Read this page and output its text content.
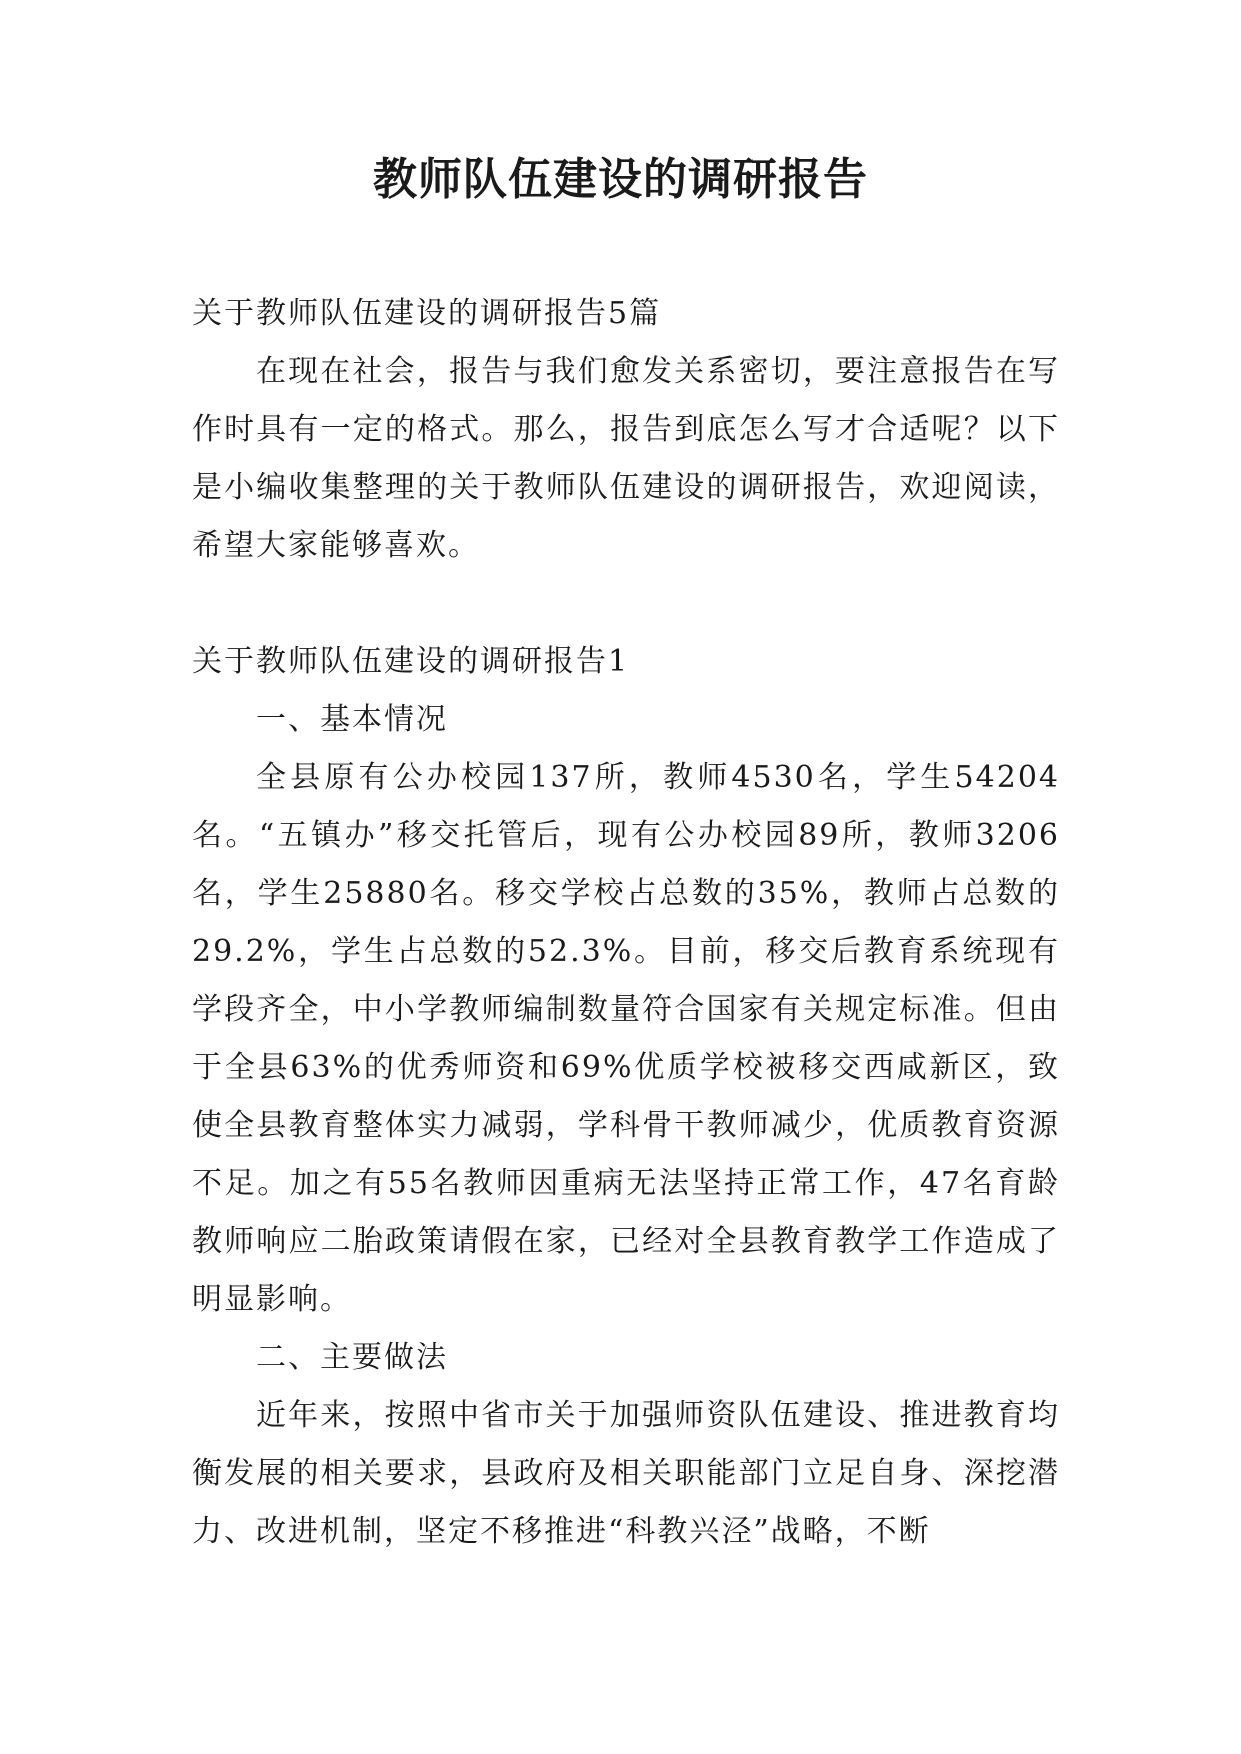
教师队伍建设的调研报告

关于教师队伍建设的调研报告5篇

在现在社会，报告与我们愈发关系密切，要注意报告在写作时具有一定的格式。那么，报告到底怎么写才合适呢？以下是小编收集整理的关于教师队伍建设的调研报告，欢迎阅读，希望大家能够喜欢。

关于教师队伍建设的调研报告1

一、基本情况

全县原有公办校园137所，教师4530名，学生54204名。“五镇办”移交托管后，现有公办校园89所，教师3206名，学生25880名。移交学校占总数的35%，教师占总数的29.2%，学生占总数的52.3%。目前，移交后教育系统现有学段齐全，中小学教师编制数量符合国家有关规定标准。但由于全县63%的优秀师资和69%优质学校被移交西咸新区，致使全县教育整体实力减弱，学科骨干教师减少，优质教育资源不足。加之有55名教师因重病无法坚持正常工作，47名育龄教师响应二胎政策请假在家，已经对全县教育教学工作造成了明显影响。

二、主要做法

近年来，按照中省市关于加强师资队伍建设、推进教育均衡发展的相关要求，县政府及相关职能部门立足自身、深挖潜力、改进机制，坚定不移推进“科教兴泾”战略，不断
